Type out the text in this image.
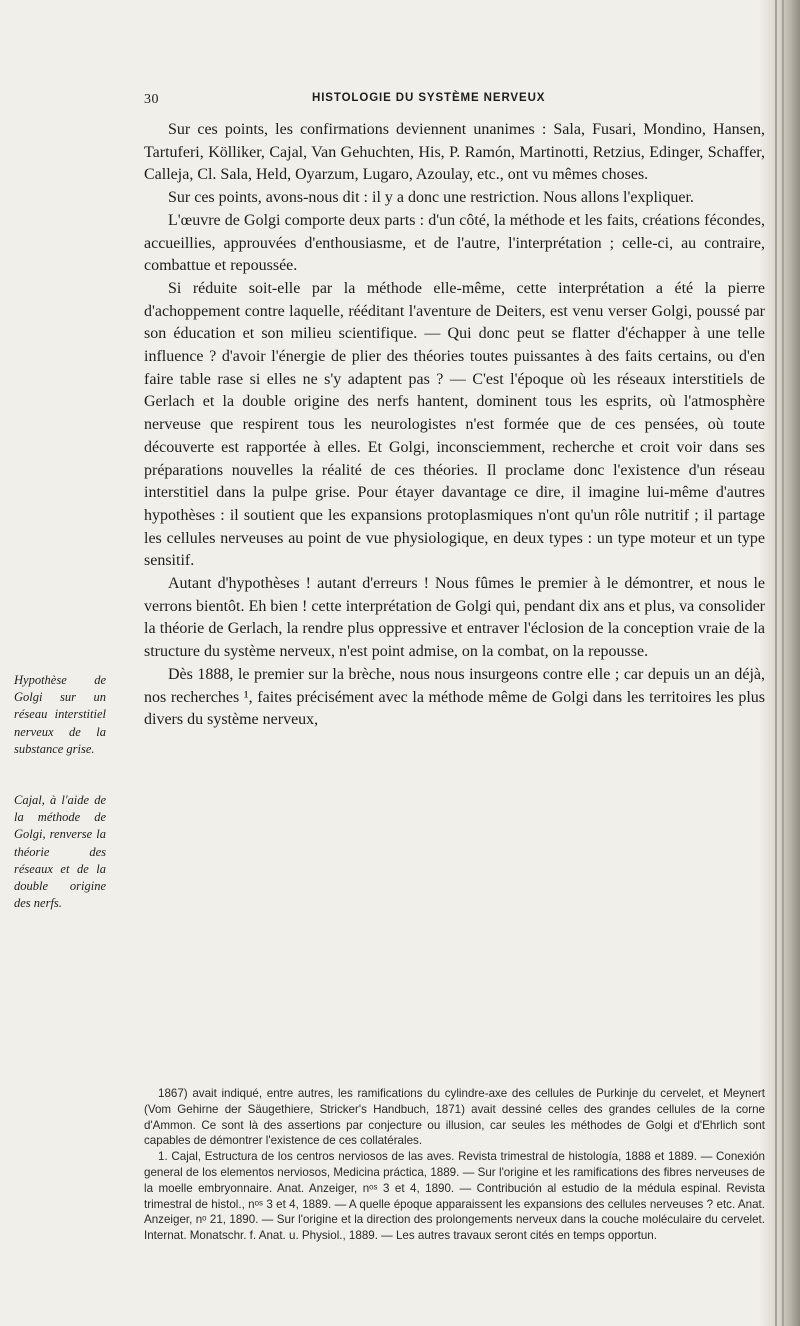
30	HISTOLOGIE DU SYSTÈME NERVEUX

Sur ces points, les confirmations deviennent unanimes : Sala, Fusari, Mondino, Hansen, Tartuferi, Kölliker, Cajal, Van Gehuchten, His, P. Ramón, Martinotti, Retzius, Edinger, Schaffer, Calleja, Cl. Sala, Held, Oyarzum, Lugaro, Azoulay, etc., ont vu mêmes choses.

Sur ces points, avons-nous dit : il y a donc une restriction. Nous allons l'expliquer.

L'œuvre de Golgi comporte deux parts : d'un côté, la méthode et les faits, créations fécondes, accueillies, approuvées d'enthousiasme, et de l'autre, l'interprétation ; celle-ci, au contraire, combattue et repoussée.

Si réduite soit-elle par la méthode elle-même, cette interprétation a été la pierre d'achoppement contre laquelle, rééditant l'aventure de Deiters, est venu verser Golgi, poussé par son éducation et son milieu scientifique. — Qui donc peut se flatter d'échapper à une telle influence ? d'avoir l'énergie de plier des théories toutes puissantes à des faits certains, ou d'en faire table rase si elles ne s'y adaptent pas ? — C'est l'époque où les réseaux interstitiels de Gerlach et la double origine des nerfs hantent, dominent tous les esprits, où l'atmosphère nerveuse que respirent tous les neurologistes n'est formée que de ces pensées, où toute découverte est rapportée à elles. Et Golgi, inconsciemment, recherche et croit voir dans ses préparations nouvelles la réalité de ces théories. Il proclame donc l'existence d'un réseau interstitiel dans la pulpe grise. Pour étayer davantage ce dire, il imagine lui-même d'autres hypothèses : il soutient que les expansions protoplasmiques n'ont qu'un rôle nutritif ; il partage les cellules nerveuses au point de vue physiologique, en deux types : un type moteur et un type sensitif.

Autant d'hypothèses ! autant d'erreurs ! Nous fûmes le premier à le démontrer, et nous le verrons bientôt. Eh bien ! cette interprétation de Golgi qui, pendant dix ans et plus, va consolider la théorie de Gerlach, la rendre plus oppressive et entraver l'éclosion de la conception vraie de la structure du système nerveux, n'est point admise, on la combat, on la repousse.

Dès 1888, le premier sur la brèche, nous nous insurgeons contre elle ; car depuis un an déjà, nos recherches ¹, faites précisément avec la méthode même de Golgi dans les territoires les plus divers du système nerveux,

Hypothèse de Golgi sur un réseau interstitiel nerveux de la substance grise.
Cajal, à l'aide de la méthode de Golgi, renverse la théorie des réseaux et de la double origine des nerfs.

1867) avait indiqué, entre autres, les ramifications du cylindre-axe des cellules de Purkinje du cervelet, et Meynert (Vom Gehirne der Säugethiere, Stricker's Handbuch, 1871) avait dessiné celles des grandes cellules de la corne d'Ammon. Ce sont là des assertions par conjecture ou illusion, car seules les méthodes de Golgi et d'Ehrlich sont capables de démontrer l'existence de ces collatérales.

1. Cajal, Estructura de los centros nerviosos de las aves. Revista trimestral de histología, 1888 et 1889. — Conexión general de los elementos nerviosos, Medicina práctica, 1889. — Sur l'origine et les ramifications des fibres nerveuses de la moelle embryonnaire. Anat. Anzeiger, nᵒˢ 3 et 4, 1890. — Contribución al estudio de la médula espinal. Revista trimestral de histol., nᵒˢ 3 et 4, 1889. — A quelle époque apparaissent les expansions des cellules nerveuses ? etc. Anat. Anzeiger, nᵒ 21, 1890. — Sur l'origine et la direction des prolongements nerveux dans la couche moléculaire du cervelet. Internat. Monatschr. f. Anat. u. Physiol., 1889. — Les autres travaux seront cités en temps opportun.
